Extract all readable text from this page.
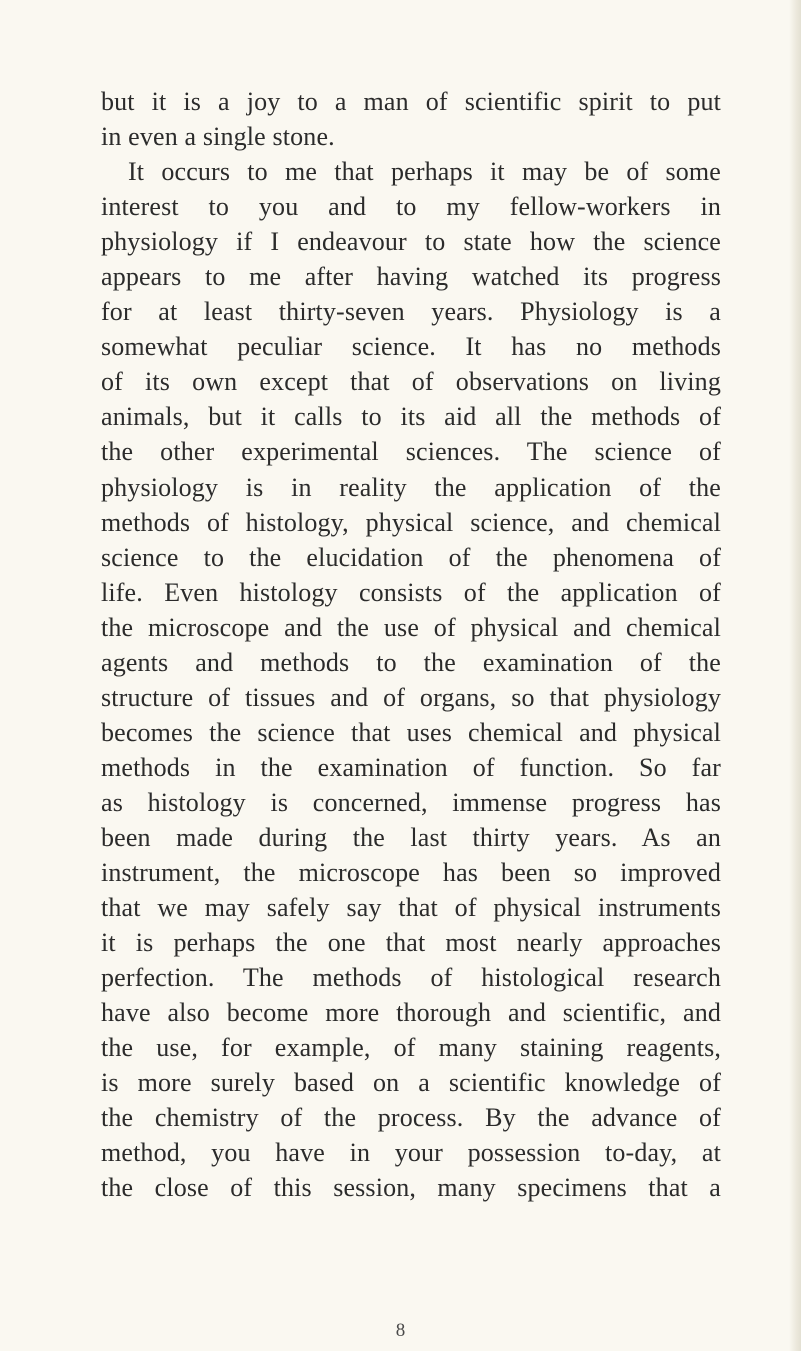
but it is a joy to a man of scientific spirit to put
in even a single stone.
It occurs to me that perhaps it may be of some
interest to you and to my fellow-workers in
physiology if I endeavour to state how the science
appears to me after having watched its progress
for at least thirty-seven years. Physiology is a
somewhat peculiar science. It has no methods
of its own except that of observations on living
animals, but it calls to its aid all the methods of
the other experimental sciences. The science of
physiology is in reality the application of the
methods of histology, physical science, and chemical
science to the elucidation of the phenomena of
life. Even histology consists of the application of
the microscope and the use of physical and chemical
agents and methods to the examination of the
structure of tissues and of organs, so that physiology
becomes the science that uses chemical and physical
methods in the examination of function. So far
as histology is concerned, immense progress has
been made during the last thirty years. As an
instrument, the microscope has been so improved
that we may safely say that of physical instruments
it is perhaps the one that most nearly approaches
perfection. The methods of histological research
have also become more thorough and scientific, and
the use, for example, of many staining reagents,
is more surely based on a scientific knowledge of
the chemistry of the process. By the advance of
method, you have in your possession to-day, at
the close of this session, many specimens that a
8
